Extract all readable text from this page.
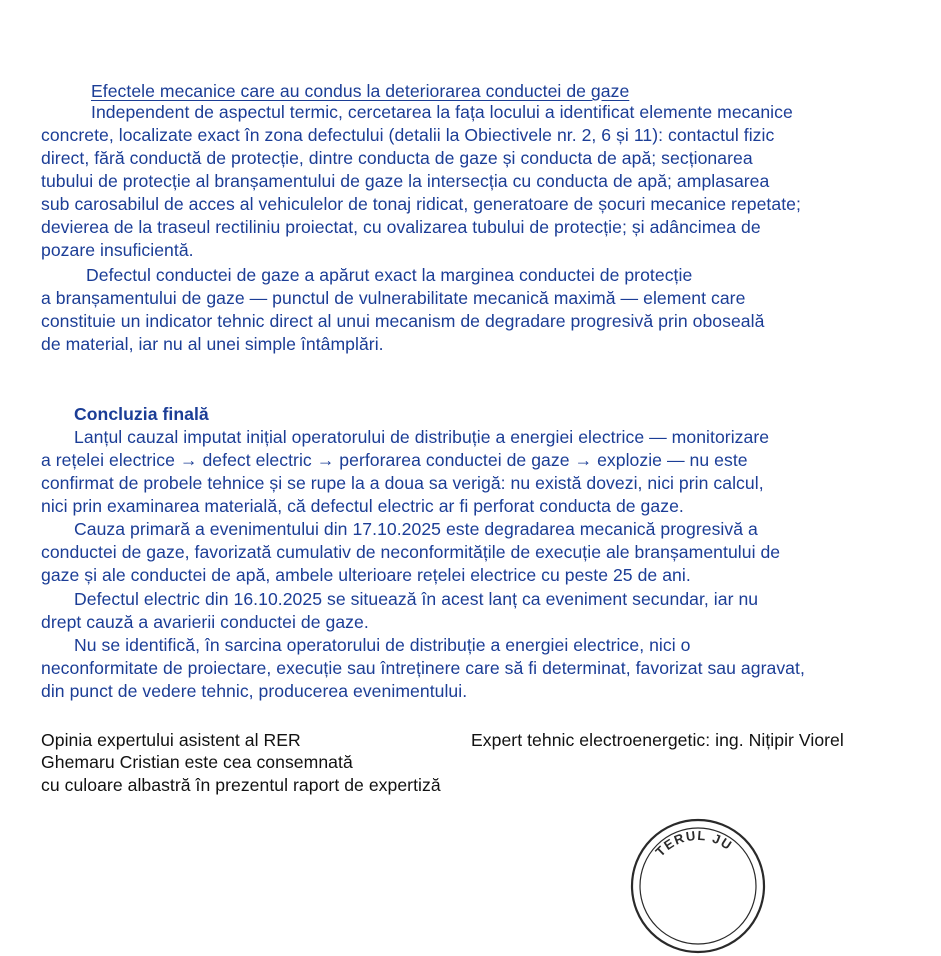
Efectele mecanice care au condus la deteriorarea conductei de gaze

Independent de aspectul termic, cercetarea la fața locului a identificat elemente mecanice

concrete, localizate exact în zona defectului (detalii la Obiectivele nr. 2, 6 și 11): contactul fizic

direct, fără conductă de protecție, dintre conducta de gaze și conducta de apă; secționarea

tubului de protecție al branșamentului de gaze la intersecția cu conducta de apă; amplasarea

sub carosabilul de acces al vehiculelor de tonaj ridicat, generatoare de șocuri mecanice repetate;

devierea de la traseul rectiliniu proiectat, cu ovalizarea tubului de protecție; și adâncimea de

pozare insuficientă.

Defectul conductei de gaze a apărut exact la marginea conductei de protecție

a branșamentului de gaze — punctul de vulnerabilitate mecanică maximă — element care

constituie un indicator tehnic direct al unui mecanism de degradare progresivă prin oboseală

de material, iar nu al unei simple întâmplări.

Concluzia finală

Lanțul cauzal imputat inițial operatorului de distribuție a energiei electrice — monitorizare

a rețelei electrice → defect electric → perforarea conductei de gaze → explozie — nu este

confirmat de probele tehnice și se rupe la a doua sa verigă: nu există dovezi, nici prin calcul,

nici prin examinarea materială, că defectul electric ar fi perforat conducta de gaze.

Cauza primară a evenimentului din 17.10.2025 este degradarea mecanică progresivă a

conductei de gaze, favorizată cumulativ de neconformitățile de execuție ale branșamentului de

gaze și ale conductei de apă, ambele ulterioare rețelei electrice cu peste 25 de ani.

Defectul electric din 16.10.2025 se situează în acest lanț ca eveniment secundar, iar nu

drept cauză a avarierii conductei de gaze.

Nu se identifică, în sarcina operatorului de distribuție a energiei electrice, nici o

neconformitate de proiectare, execuție sau întreținere care să fi determinat, favorizat sau agravat,

din punct de vedere tehnic, producerea evenimentului.

Opinia expertului asistent al RER

Ghemaru Cristian este cea consemnată

cu culoare albastră în prezentul raport de expertiză

Expert tehnic electroenergetic: ing. Nițipir Viorel

TERUL JU
